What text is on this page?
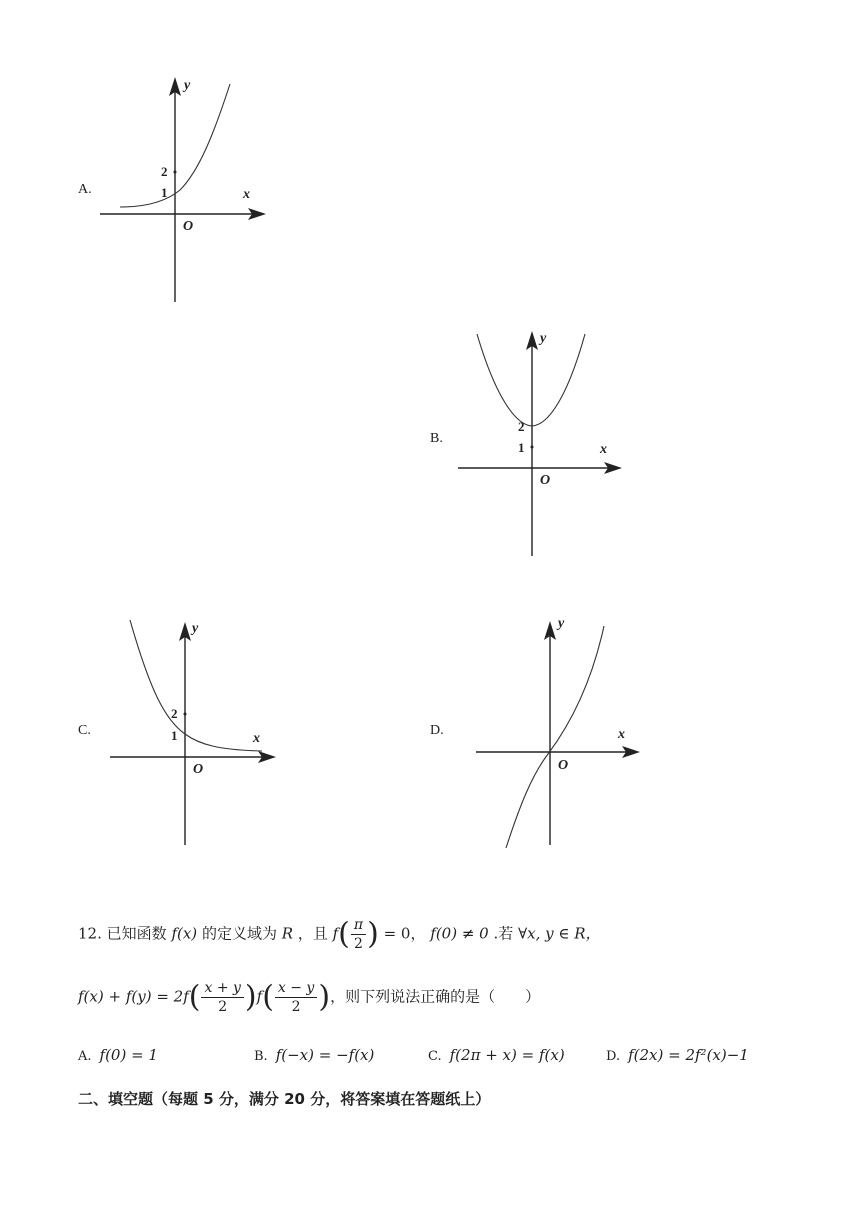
A.
y
x
O
2
1
B.
y
x
O
2
1
C.
y
x
O
2
1	D.
y
x
O
12. 已知函数 f(x) 的定义域为 R ，且 $f( \frac{\pi}{2}$ ) = 0， f(0) ≠ 0 .若 ∀x, y ∈ R，
$f(x) + f(y) = 2f( \frac{x + y}{2} )f( \frac{x - y}{2}$ )，则下列说法正确的是（　　）
A. f(0) = 1	B. f(−x) = −f(x)	C. f(2π + x) = f(x)	D. f(2x) = 2f²(x)−1
二、填空题（每题 5 分，满分 20 分，将答案填在答题纸上）
